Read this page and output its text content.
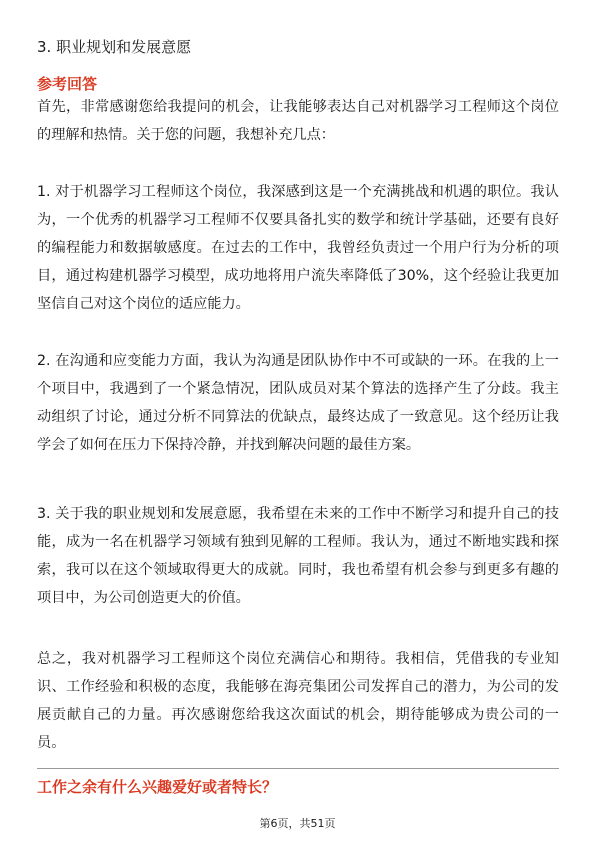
3. 职业规划和发展意愿
参考回答
首先，非常感谢您给我提问的机会，让我能够表达自己对机器学习工程师这个岗位的理解和热情。关于您的问题，我想补充几点：
1. 对于机器学习工程师这个岗位，我深感到这是一个充满挑战和机遇的职位。我认为，一个优秀的机器学习工程师不仅要具备扎实的数学和统计学基础，还要有良好的编程能力和数据敏感度。在过去的工作中，我曾经负责过一个用户行为分析的项目，通过构建机器学习模型，成功地将用户流失率降低了30%，这个经验让我更加坚信自己对这个岗位的适应能力。
2. 在沟通和应变能力方面，我认为沟通是团队协作中不可或缺的一环。在我的上一个项目中，我遇到了一个紧急情况，团队成员对某个算法的选择产生了分歧。我主动组织了讨论，通过分析不同算法的优缺点，最终达成了一致意见。这个经历让我学会了如何在压力下保持冷静，并找到解决问题的最佳方案。
3. 关于我的职业规划和发展意愿，我希望在未来的工作中不断学习和提升自己的技能，成为一名在机器学习领域有独到见解的工程师。我认为，通过不断地实践和探索，我可以在这个领域取得更大的成就。同时，我也希望有机会参与到更多有趣的项目中，为公司创造更大的价值。
总之，我对机器学习工程师这个岗位充满信心和期待。我相信，凭借我的专业知识、工作经验和积极的态度，我能够在海亮集团公司发挥自己的潜力，为公司的发展贡献自己的力量。再次感谢您给我这次面试的机会，期待能够成为贵公司的一员。
工作之余有什么兴趣爱好或者特长？
第6页，共51页
